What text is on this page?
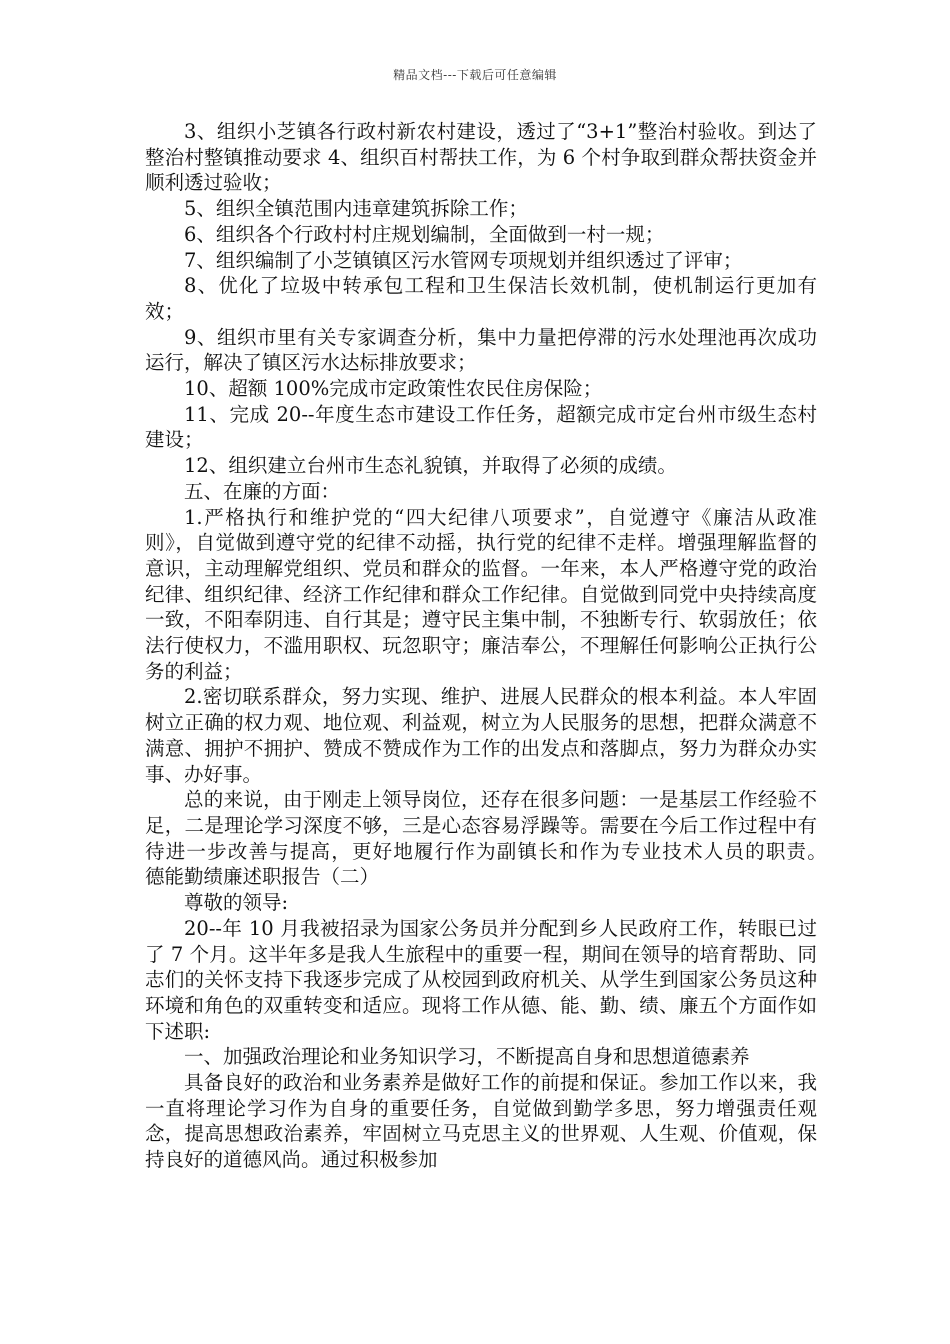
精品文档---下载后可任意编辑

3、组织小芝镇各行政村新农村建设，透过了“3+1”整治村验收。到达了整治村整镇推动要求 4、组织百村帮扶工作，为 6 个村争取到群众帮扶资金并顺利透过验收；

5、组织全镇范围内违章建筑拆除工作；

6、组织各个行政村村庄规划编制，全面做到一村一规；

7、组织编制了小芝镇镇区污水管网专项规划并组织透过了评审；

8、优化了垃圾中转承包工程和卫生保洁长效机制，使机制运行更加有效；

9、组织市里有关专家调查分析，集中力量把停滞的污水处理池再次成功运行，解决了镇区污水达标排放要求；

10、超额 100%完成市定政策性农民住房保险；

11、完成 20--年度生态市建设工作任务，超额完成市定台州市级生态村建设；

12、组织建立台州市生态礼貌镇，并取得了必须的成绩。

五、在廉的方面：

1.严格执行和维护党的“四大纪律八项要求”，自觉遵守《廉洁从政准则》，自觉做到遵守党的纪律不动摇，执行党的纪律不走样。增强理解监督的意识，主动理解党组织、党员和群众的监督。一年来，本人严格遵守党的政治纪律、组织纪律、经济工作纪律和群众工作纪律。自觉做到同党中央持续高度一致，不阳奉阴违、自行其是；遵守民主集中制，不独断专行、软弱放任；依法行使权力，不滥用职权、玩忽职守；廉洁奉公，不理解任何影响公正执行公务的利益；

2.密切联系群众，努力实现、维护、进展人民群众的根本利益。本人牢固树立正确的权力观、地位观、利益观，树立为人民服务的思想，把群众满意不满意、拥护不拥护、赞成不赞成作为工作的出发点和落脚点，努力为群众办实事、办好事。

总的来说，由于刚走上领导岗位，还存在很多问题：一是基层工作经验不足，二是理论学习深度不够，三是心态容易浮躁等。需要在今后工作过程中有待进一步改善与提高，更好地履行作为副镇长和作为专业技术人员的职责。　　　德能勤绩廉述职报告（二）

尊敬的领导:

20--年 10 月我被招录为国家公务员并分配到乡人民政府工作，转眼已过了 7 个月。这半年多是我人生旅程中的重要一程，期间在领导的培育帮助、同志们的关怀支持下我逐步完成了从校园到政府机关、从学生到国家公务员这种环境和角色的双重转变和适应。现将工作从德、能、勤、绩、廉五个方面作如下述职:

一、加强政治理论和业务知识学习，不断提高自身和思想道德素养

具备良好的政治和业务素养是做好工作的前提和保证。参加工作以来，我一直将理论学习作为自身的重要任务，自觉做到勤学多思，努力增强责任观念，提高思想政治素养，牢固树立马克思主义的世界观、人生观、价值观，保持良好的道德风尚。通过积极参加
